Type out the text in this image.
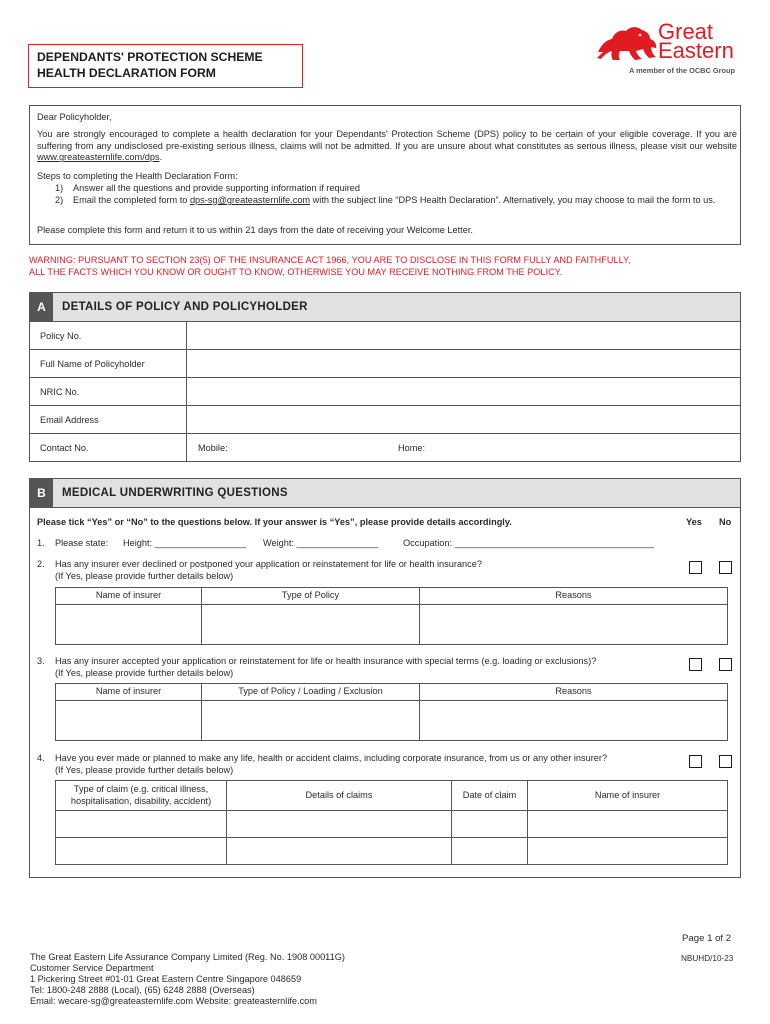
DEPENDANTS' PROTECTION SCHEME
HEALTH DECLARATION FORM
Great
Eastern
A member of the OCBC Group
Dear Policyholder,
You are strongly encouraged to complete a health declaration for your Dependants' Protection Scheme (DPS) policy to be certain of your eligible coverage. If you are suffering from any undisclosed pre-existing serious illness, claims will not be admitted. If you are unsure about what constitutes as serious illness, please visit our website www.greateasternlife.com/dps.
Steps to completing the Health Declaration Form:
1) Answer all the questions and provide supporting information if required
2) Email the completed form to dps-sg@greateasternlife.com with the subject line “DPS Health Declaration”. Alternatively, you may choose to mail the form to us.
Please complete this form and return it to us within 21 days from the date of receiving your Welcome Letter.
WARNING: PURSUANT TO SECTION 23(5) OF THE INSURANCE ACT 1966, YOU ARE TO DISCLOSE IN THIS FORM FULLY AND FAITHFULLY,
ALL THE FACTS WHICH YOU KNOW OR OUGHT TO KNOW, OTHERWISE YOU MAY RECEIVE NOTHING FROM THE POLICY.
A	DETAILS OF POLICY AND POLICYHOLDER
Policy No.
Full Name of Policyholder
NRIC No.
Email Address
Contact No.	Mobile:	Home:
B	MEDICAL UNDERWRITING QUESTIONS
Please tick “Yes” or “No” to the questions below. If your answer is “Yes”, please provide details accordingly.	Yes No
1. Please state: Height: __________________ Weight: ________________	Occupation: _______________________________________
2. Has any insurer ever declined or postponed your application or reinstatement for life or health insurance?
(If Yes, please provide further details below)
Name of insurer	Type of Policy	Reasons

3. Has any insurer accepted your application or reinstatement for life or health insurance with special terms (e.g. loading or exclusions)?
(If Yes, please provide further details below)
Name of insurer	Type of Policy / Loading / Exclusion	Reasons

4. Have you ever made or planned to make any life, health or accident claims, including corporate insurance, from us or any other insurer?
(If Yes, please provide further details below)
Type of claim (e.g. critical illness,
hospitalisation, disability, accident)	Details of claims	Date of claim	Name of insurer

Page 1 of 2
NBUHD/10-23
The Great Eastern Life Assurance Company Limited (Reg. No. 1908 00011G)
Customer Service Department
1 Pickering Street #01-01 Great Eastern Centre Singapore 048659
Tel: 1800-248 2888 (Local), (65) 6248 2888 (Overseas)
Email: wecare-sg@greateasternlife.com Website: greateasternlife.com
